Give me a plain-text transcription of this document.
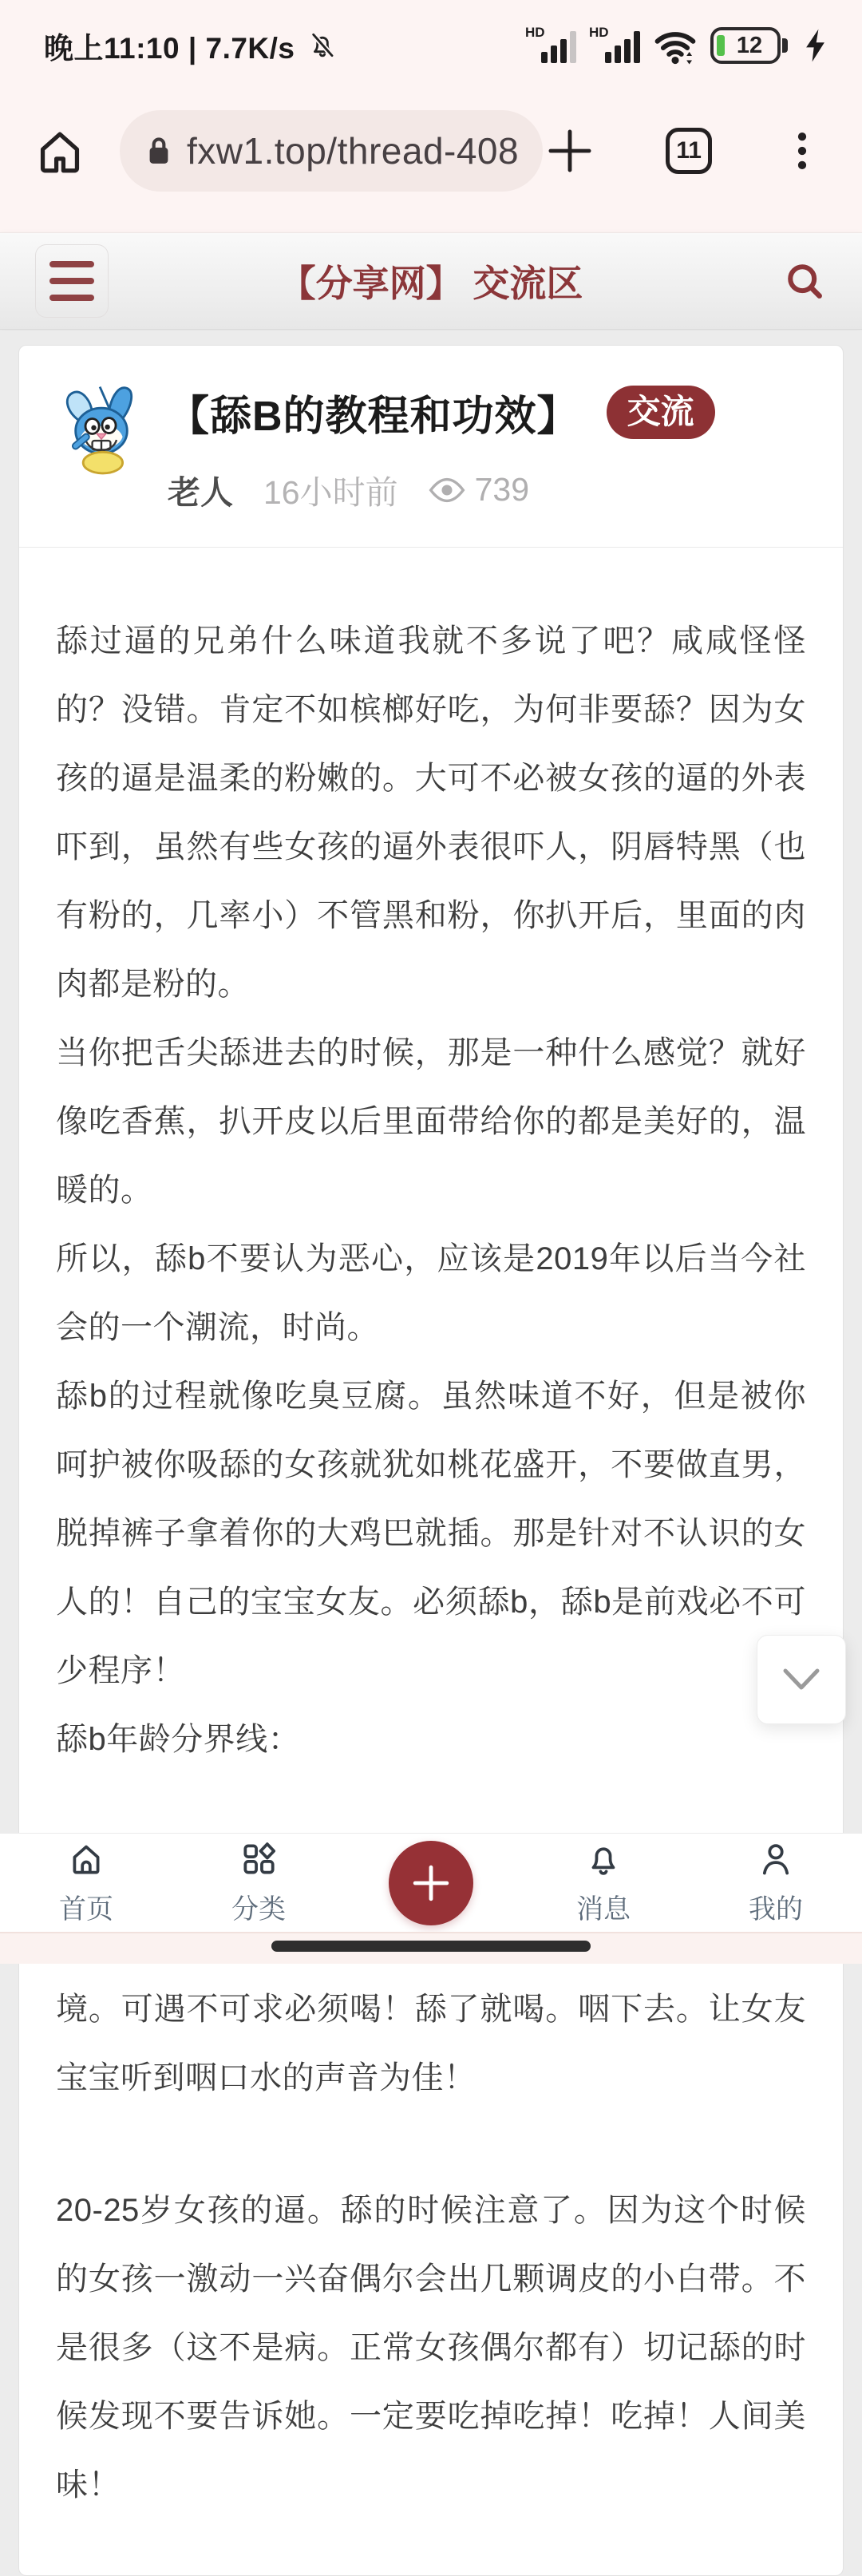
晚上11:10 | 7.7K/s	HD	HD	12
fxw1.top/thread-408	11
【分享网】 交流区
【舔B的教程和功效】	交流
老人 16小时前 739
舔过逼的兄弟什么味道我就不多说了吧？咸咸怪怪的？没错。肯定不如槟榔好吃，为何非要舔？因为女孩的逼是温柔的粉嫩的。大可不必被女孩的逼的外表吓到，虽然有些女孩的逼外表很吓人，阴唇特黑（也有粉的，几率小）不管黑和粉，你扒开后，里面的肉肉都是粉的。
当你把舌尖舔进去的时候，那是一种什么感觉？就好像吃香蕉，扒开皮以后里面带给你的都是美好的，温暖的。
所以，舔b不要认为恶心，应该是2019年以后当今社会的一个潮流，时尚。
舔b的过程就像吃臭豆腐。虽然味道不好，但是被你呵护被你吸舔的女孩就犹如桃花盛开，不要做直男，脱掉裤子拿着你的大鸡巴就插。那是针对不认识的女人的！自己的宝宝女友。必须舔b，舔b是前戏必不可少程序！
舔b年龄分界线：
境。可遇不可求必须喝！舔了就喝。咽下去。让女友宝宝听到咽口水的声音为佳！
20-25岁女孩的逼。舔的时候注意了。因为这个时候的女孩一激动一兴奋偶尔会出几颗调皮的小白带。不是很多（这不是病。正常女孩偶尔都有）切记舔的时候发现不要告诉她。一定要吃掉吃掉！吃掉！人间美味！
首页	分类	消息	我的
